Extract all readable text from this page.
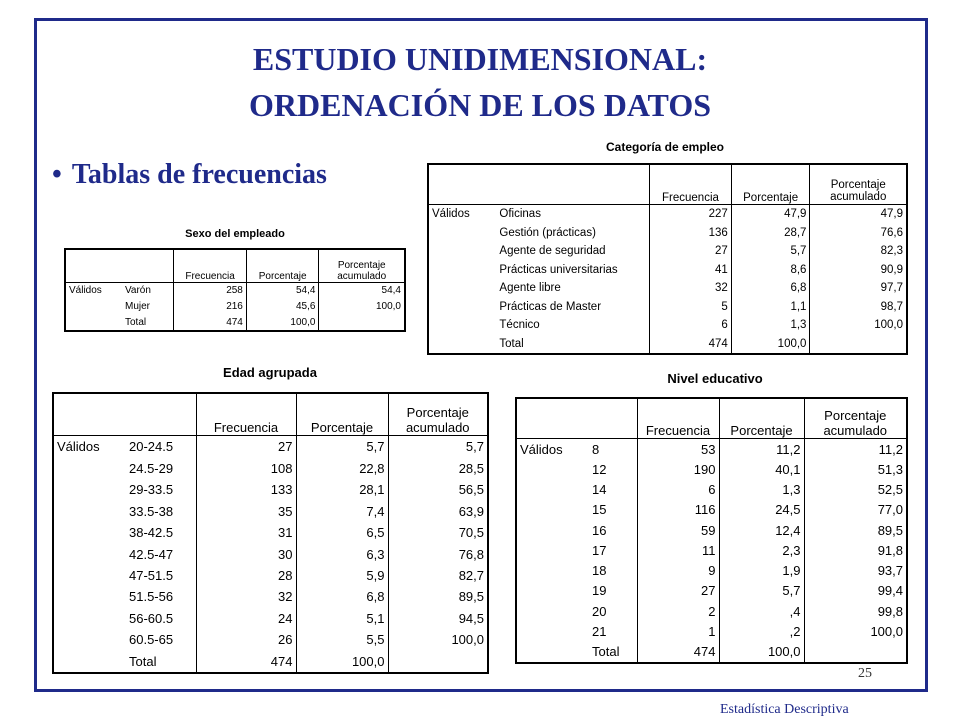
ESTUDIO UNIDIMENSIONAL:
ORDENACIÓN DE LOS DATOS
• Tablas de frecuencias
Sexo del empleado
		Frecuencia	Porcentaje	Porcentaje acumulado
Válidos	Varón	258	54,4	54,4
	Mujer	216	45,6	100,0
	Total	474	100,0	
Categoría de empleo
		Frecuencia	Porcentaje	Porcentaje acumulado
Válidos	Oficinas	227	47,9	47,9
	Gestión (prácticas)	136	28,7	76,6
	Agente de seguridad	27	5,7	82,3
	Prácticas universitarias	41	8,6	90,9
	Agente libre	32	6,8	97,7
	Prácticas de Master	5	1,1	98,7
	Técnico	6	1,3	100,0
	Total	474	100,0	
Edad agrupada
		Frecuencia	Porcentaje	Porcentaje acumulado
Válidos	20-24.5	27	5,7	5,7
	24.5-29	108	22,8	28,5
	29-33.5	133	28,1	56,5
	33.5-38	35	7,4	63,9
	38-42.5	31	6,5	70,5
	42.5-47	30	6,3	76,8
	47-51.5	28	5,9	82,7
	51.5-56	32	6,8	89,5
	56-60.5	24	5,1	94,5
	60.5-65	26	5,5	100,0
	Total	474	100,0	
Nivel educativo
		Frecuencia	Porcentaje	Porcentaje acumulado
Válidos	8	53	11,2	11,2
	12	190	40,1	51,3
	14	6	1,3	52,5
	15	116	24,5	77,0
	16	59	12,4	89,5
	17	11	2,3	91,8
	18	9	1,9	93,7
	19	27	5,7	99,4
	20	2	,4	99,8
	21	1	,2	100,0
	Total	474	100,0	
25
Estadística Descriptiva
